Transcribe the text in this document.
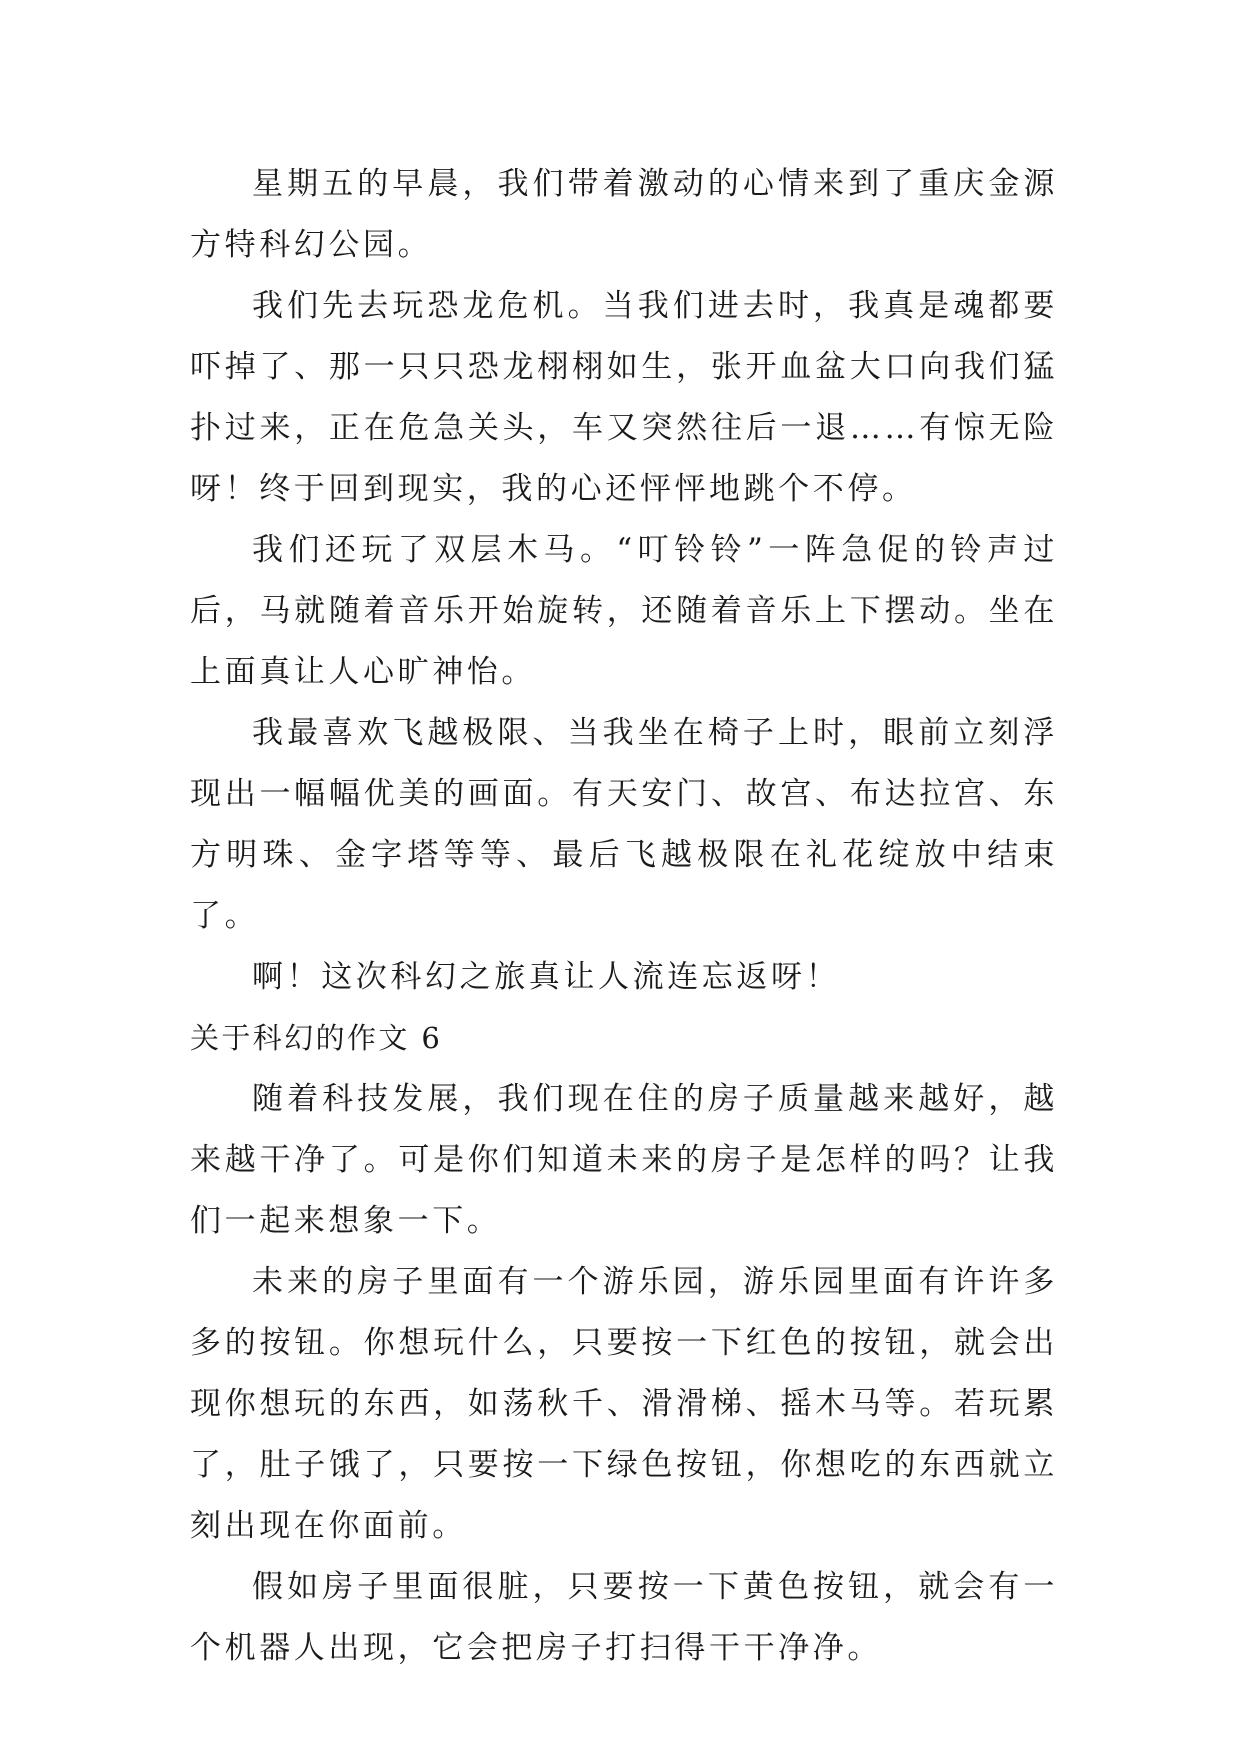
星期五的早晨，我们带着激动的心情来到了重庆金源方特科幻公园。

我们先去玩恐龙危机。当我们进去时，我真是魂都要吓掉了、那一只只恐龙栩栩如生，张开血盆大口向我们猛扑过来，正在危急关头，车又突然往后一退……有惊无险呀！终于回到现实，我的心还怦怦地跳个不停。

我们还玩了双层木马。“叮铃铃”一阵急促的铃声过后，马就随着音乐开始旋转，还随着音乐上下摆动。坐在上面真让人心旷神怡。

我最喜欢飞越极限、当我坐在椅子上时，眼前立刻浮现出一幅幅优美的画面。有天安门、故宫、布达拉宫、东方明珠、金字塔等等、最后飞越极限在礼花绽放中结束了。

啊！这次科幻之旅真让人流连忘返呀！

关于科幻的作文 6

随着科技发展，我们现在住的房子质量越来越好，越来越干净了。可是你们知道未来的房子是怎样的吗？让我们一起来想象一下。

未来的房子里面有一个游乐园，游乐园里面有许许多多的按钮。你想玩什么，只要按一下红色的按钮，就会出现你想玩的东西，如荡秋千、滑滑梯、摇木马等。若玩累了，肚子饿了，只要按一下绿色按钮，你想吃的东西就立刻出现在你面前。

假如房子里面很脏，只要按一下黄色按钮，就会有一个机器人出现，它会把房子打扫得干干净净。
